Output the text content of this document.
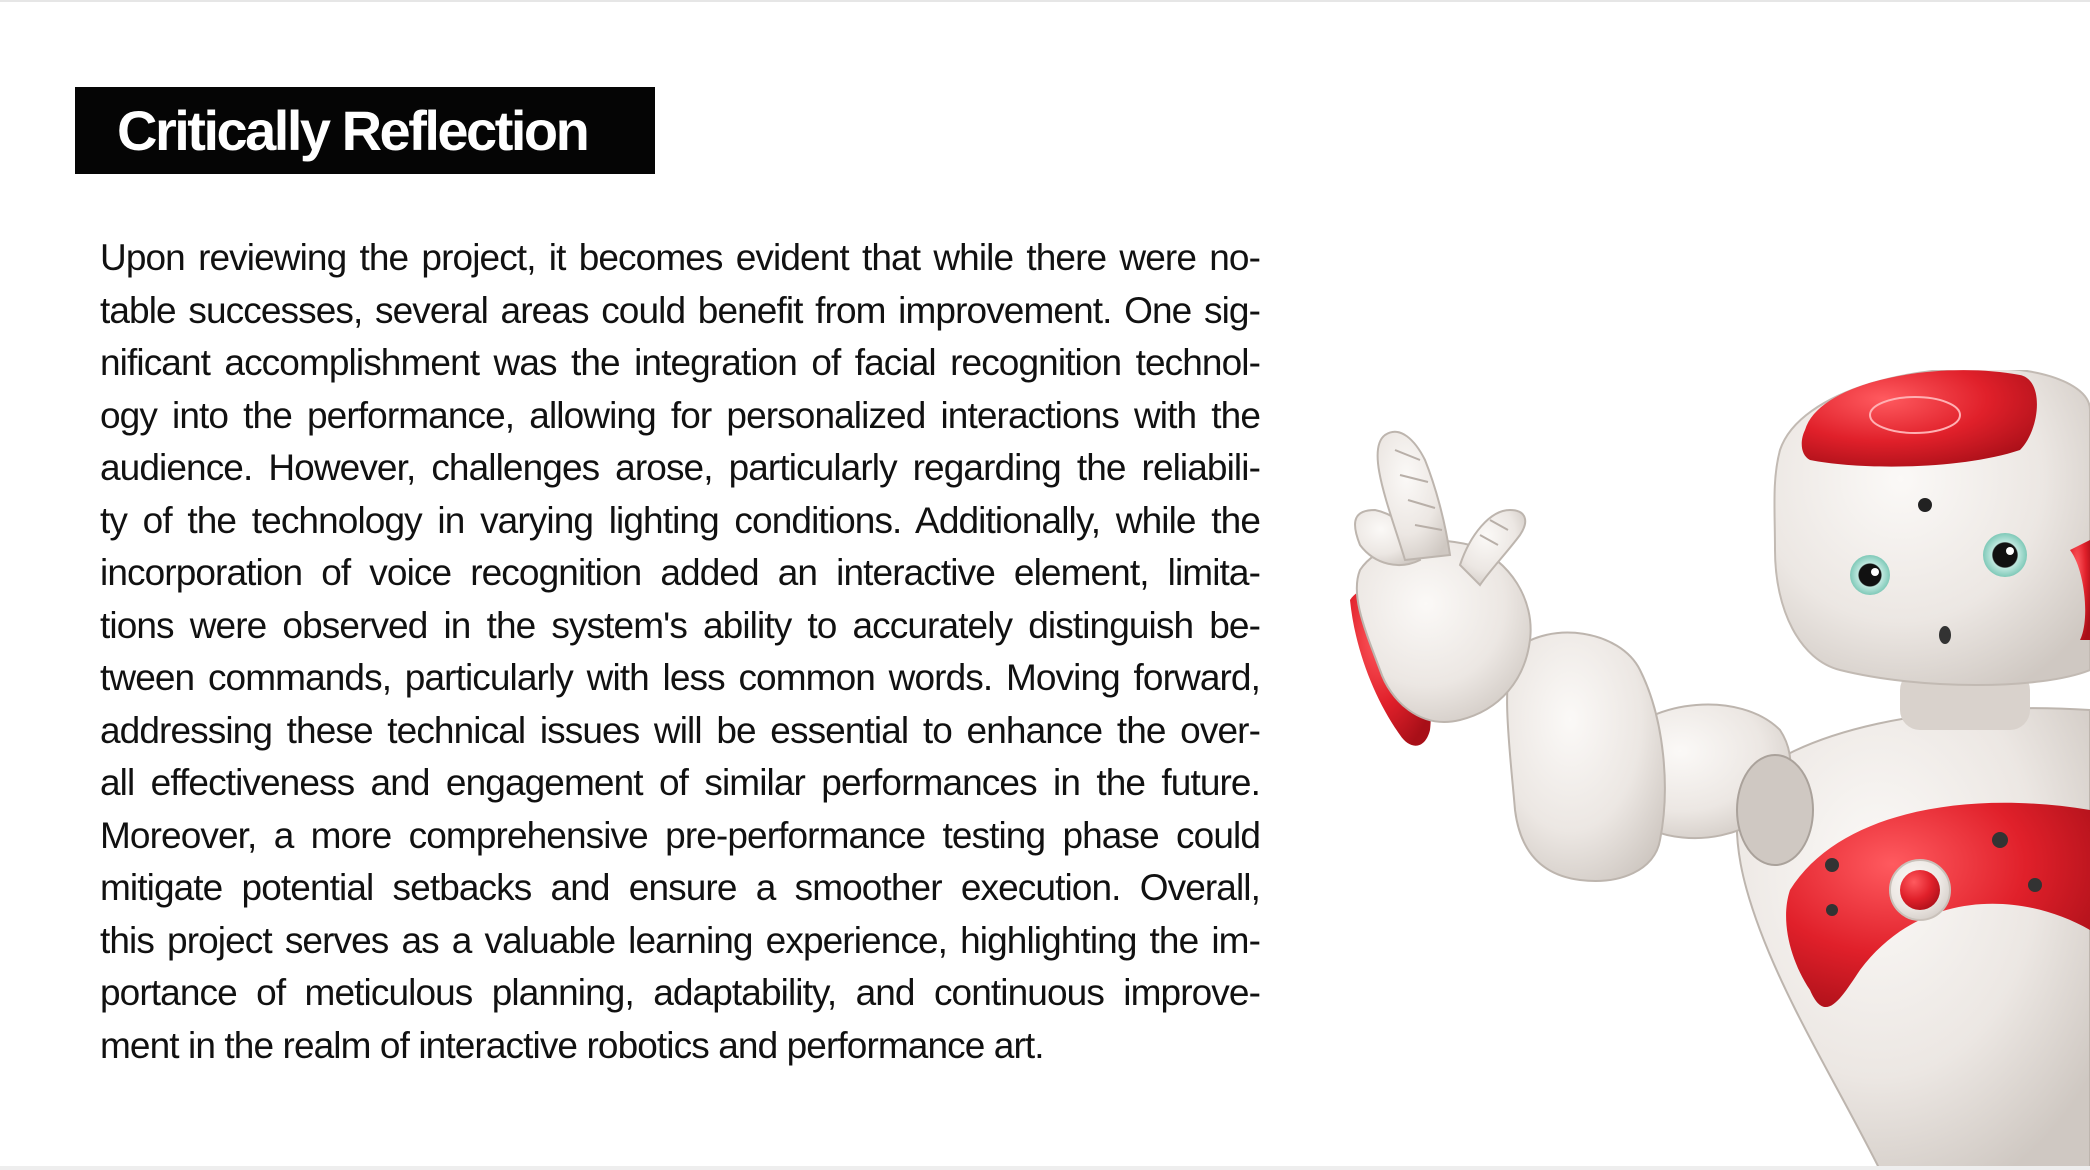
Critically Reflection
Upon reviewing the project, it becomes evident that while there were no-
table successes, several areas could benefit from improvement. One sig-
nificant accomplishment was the integration of facial recognition technol-
ogy into the performance, allowing for personalized interactions with the
audience. However, challenges arose, particularly regarding the reliabili-
ty of the technology in varying lighting conditions. Additionally, while the
incorporation of voice recognition added an interactive element, limita-
tions were observed in the system's ability to accurately distinguish be-
tween commands, particularly with less common words. Moving forward,
addressing these technical issues will be essential to enhance the over-
all effectiveness and engagement of similar performances in the future.
Moreover, a more comprehensive pre-performance testing phase could
mitigate potential setbacks and ensure a smoother execution. Overall,
this project serves as a valuable learning experience, highlighting the im-
portance of meticulous planning, adaptability, and continuous improve-
ment in the realm of interactive robotics and performance art.
